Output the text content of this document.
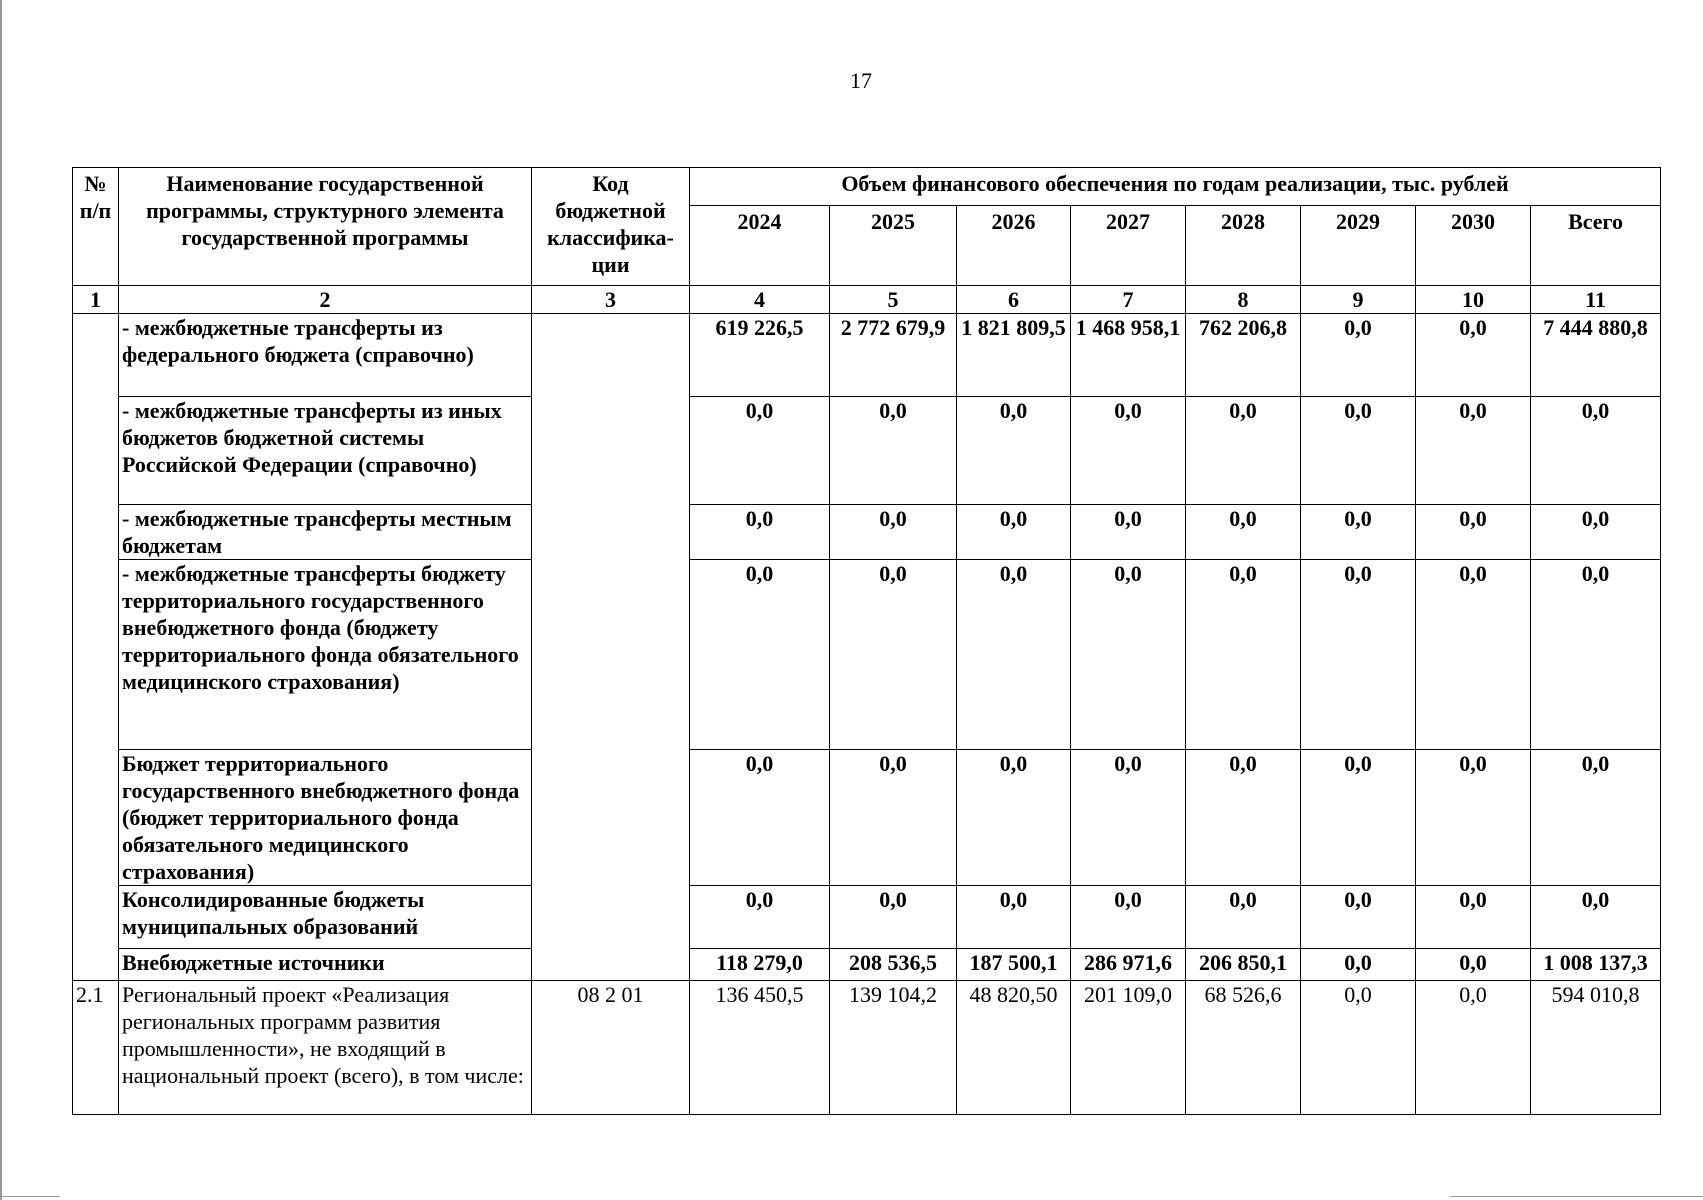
17
№ п/п	Наименование государственной программы, структурного элемента государственной программы	Код бюджетной классифика-ции	Объем финансового обеспечения по годам реализации, тыс. рублей							
			2024	2025	2026	2027	2028	2029	2030	Всего
1	2	3	4	5	6	7	8	9	10	11
	- межбюджетные трансферты из федерального бюджета (справочно)		619 226,5	2 772 679,9	1 821 809,5	1 468 958,1	762 206,8	0,0	0,0	7 444 880,8
	- межбюджетные трансферты из иных бюджетов бюджетной системы Российской Федерации (справочно)		0,0	0,0	0,0	0,0	0,0	0,0	0,0	0,0
	- межбюджетные трансферты местным бюджетам		0,0	0,0	0,0	0,0	0,0	0,0	0,0	0,0
	- межбюджетные трансферты бюджету территориального государственного внебюджетного фонда (бюджету территориального фонда обязательного медицинского страхования)		0,0	0,0	0,0	0,0	0,0	0,0	0,0	0,0
	Бюджет территориального государственного внебюджетного фонда (бюджет территориального фонда обязательного медицинского страхования)		0,0	0,0	0,0	0,0	0,0	0,0	0,0	0,0
	Консолидированные бюджеты муниципальных образований		0,0	0,0	0,0	0,0	0,0	0,0	0,0	0,0
	Внебюджетные источники		118 279,0	208 536,5	187 500,1	286 971,6	206 850,1	0,0	0,0	1 008 137,3
2.1	Региональный проект «Реализация региональных программ развития промышленности», не входящий в национальный проект (всего), в том числе:	08 2 01	136 450,5	139 104,2	48 820,50	201 109,0	68 526,6	0,0	0,0	594 010,8
